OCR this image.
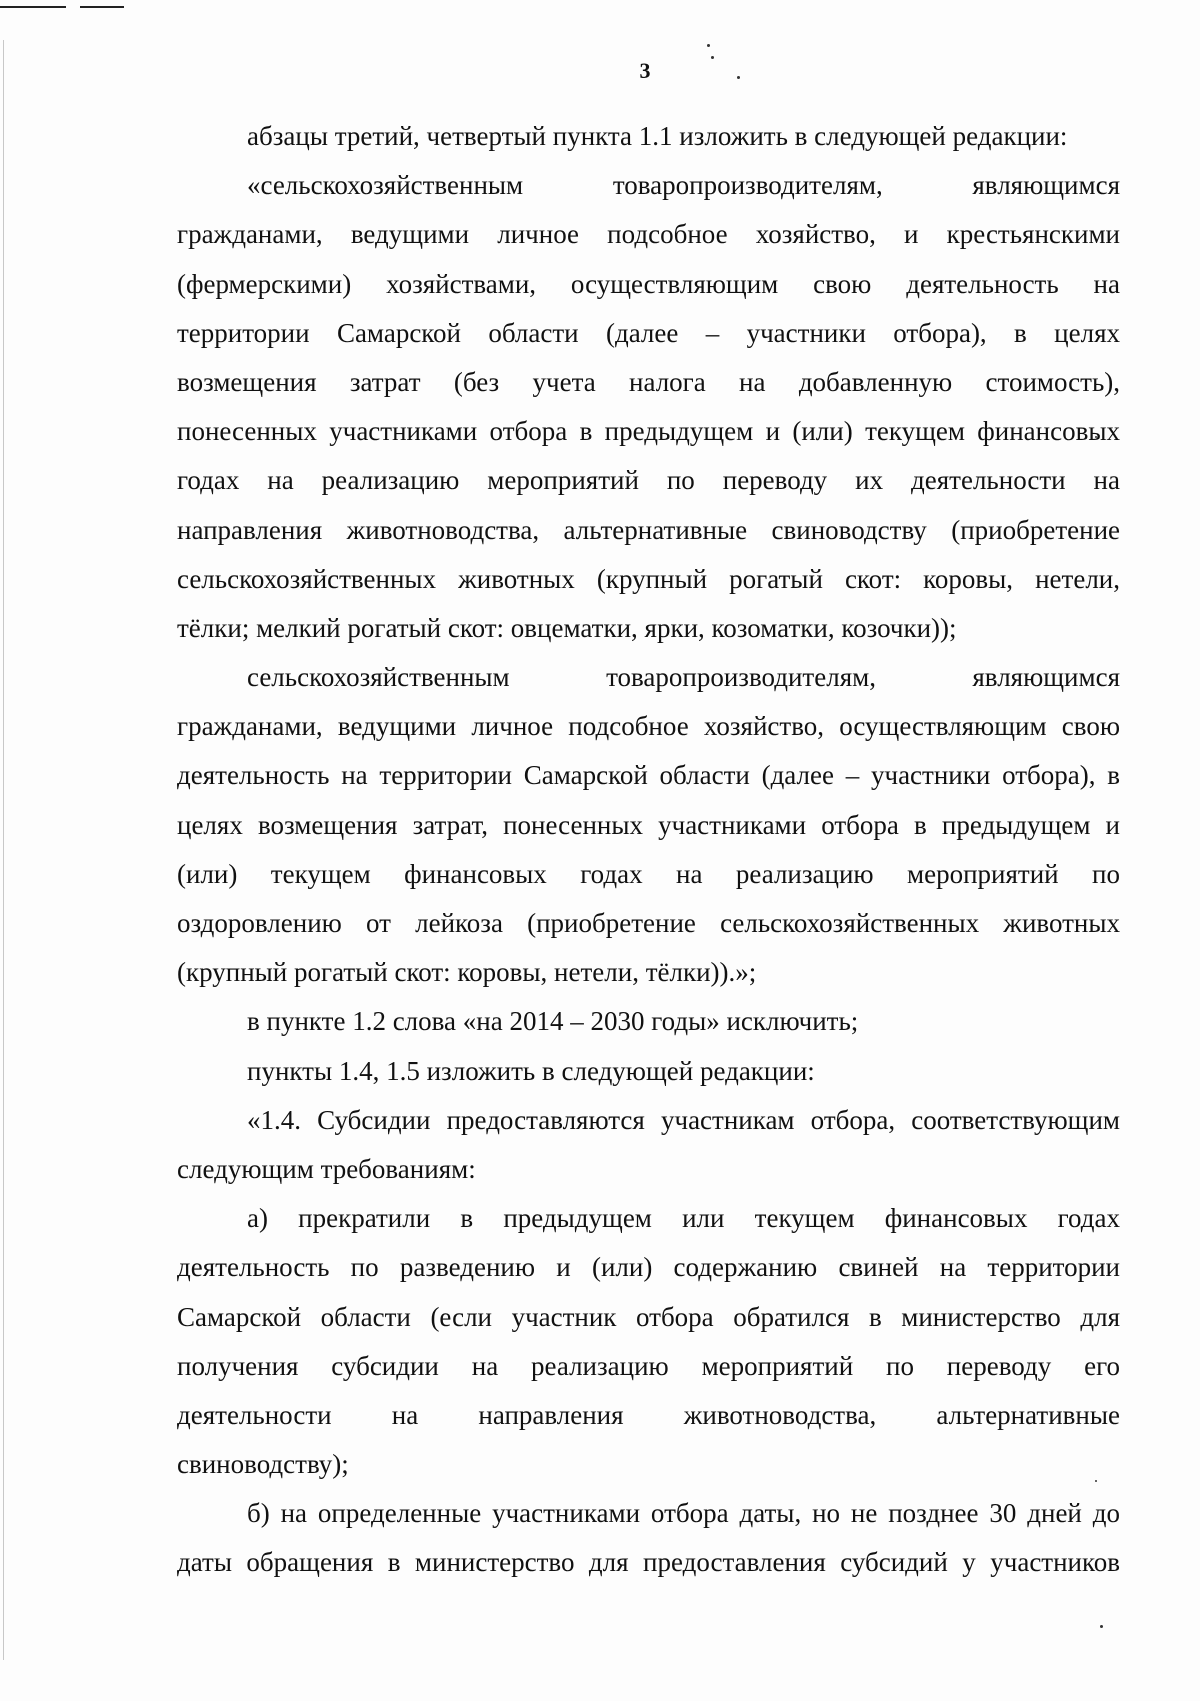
3
абзацы третий, четвертый пункта 1.1 изложить в следующей редакции:
«сельскохозяйственным товаропроизводителям, являющимся
гражданами, ведущими личное подсобное хозяйство, и крестьянскими
(фермерскими) хозяйствами, осуществляющим свою деятельность на
территории Самарской области (далее – участники отбора), в целях
возмещения затрат (без учета налога на добавленную стоимость),
понесенных участниками отбора в предыдущем и (или) текущем финансовых
годах на реализацию мероприятий по переводу их деятельности на
направления животноводства, альтернативные свиноводству (приобретение
сельскохозяйственных животных (крупный рогатый скот: коровы, нетели,
тёлки; мелкий рогатый скот: овцематки, ярки, козоматки, козочки));
сельскохозяйственным товаропроизводителям, являющимся
гражданами, ведущими личное подсобное хозяйство, осуществляющим свою
деятельность на территории Самарской области (далее – участники отбора), в
целях возмещения затрат, понесенных участниками отбора в предыдущем и
(или) текущем финансовых годах на реализацию мероприятий по
оздоровлению от лейкоза (приобретение сельскохозяйственных животных
(крупный рогатый скот: коровы, нетели, тёлки)).»;
в пункте 1.2 слова «на 2014 – 2030 годы» исключить;
пункты 1.4, 1.5 изложить в следующей редакции:
«1.4. Субсидии предоставляются участникам отбора, соответствующим
следующим требованиям:
а) прекратили в предыдущем или текущем финансовых годах
деятельность по разведению и (или) содержанию свиней на территории
Самарской области (если участник отбора обратился в министерство для
получения субсидии на реализацию мероприятий по переводу его
деятельности на направления животноводства, альтернативные
свиноводству);
б) на определенные участниками отбора даты, но не позднее 30 дней до
даты обращения в министерство для предоставления субсидий у участников
